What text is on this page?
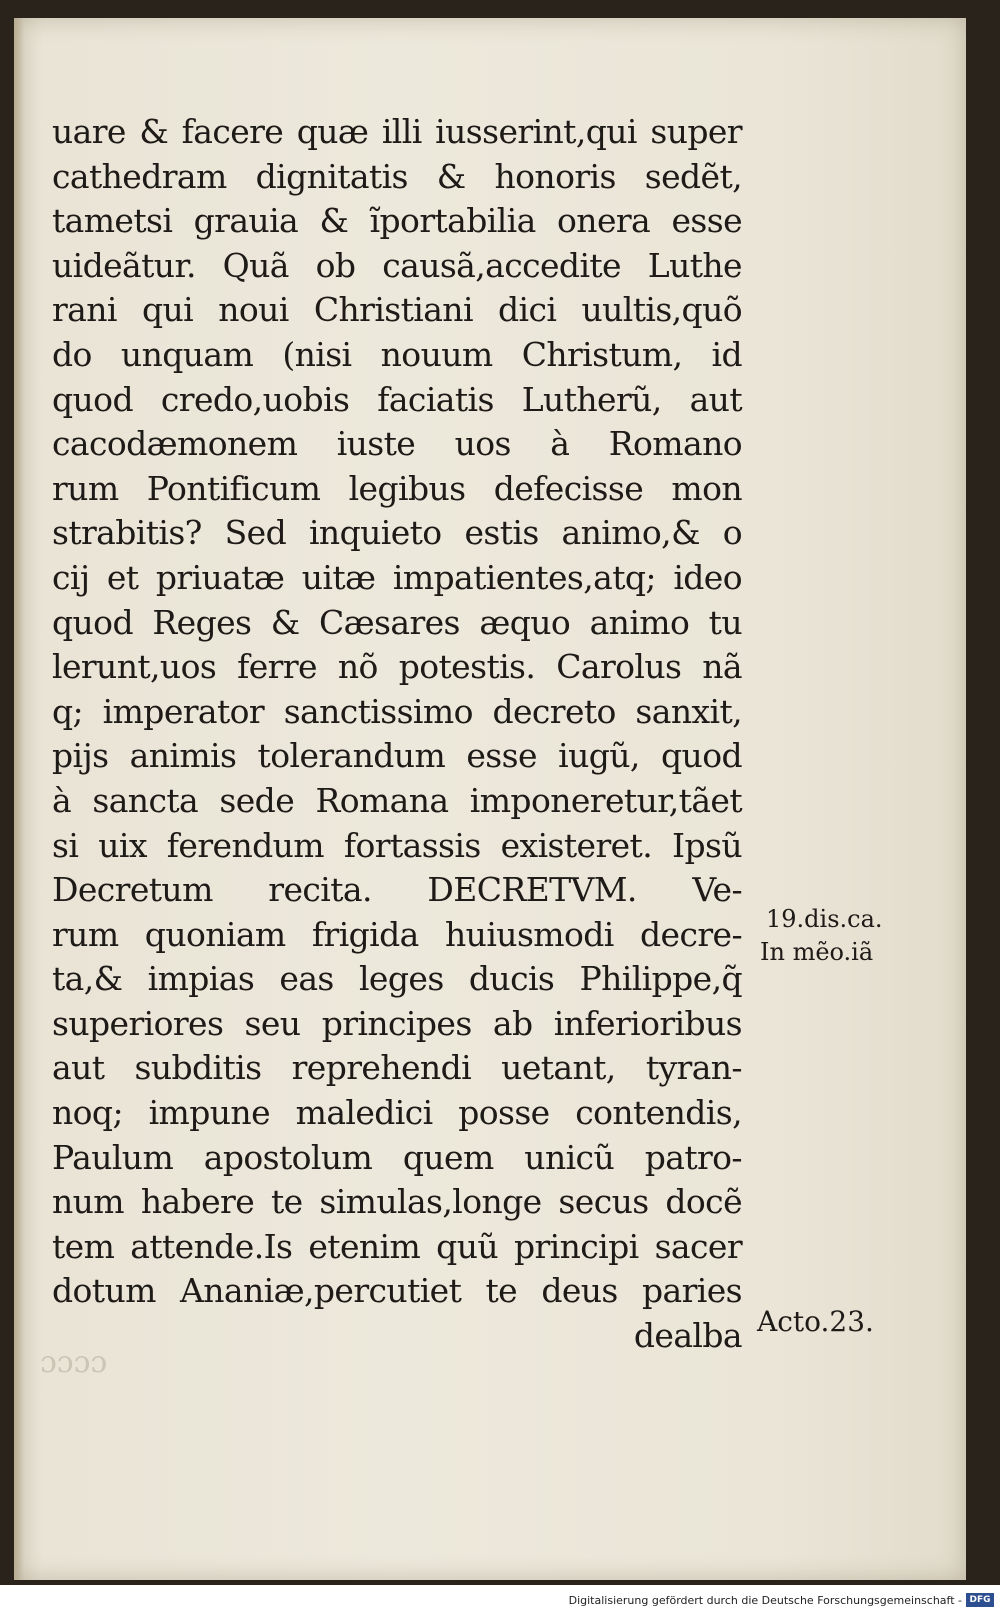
ɔɔɔɔ
uare & facere quæ illi iusserint,qui super
cathedram dignitatis & honoris sedẽt,
tametsi grauia & ĩportabilia onera esse
uideãtur. Quã ob causã,accedite Luthe
rani qui noui Christiani dici uultis,quõ
do unquam (nisi nouum Christum, id
quod credo,uobis faciatis Lutherũ, aut
cacodæmonem iuste uos à Romano
rum Pontificum legibus defecisse mon
strabitis? Sed inquieto estis animo,& o
cij et priuatæ uitæ impatientes,atq; ideo
quod Reges & Cæsares æquo animo tu
lerunt,uos ferre nõ potestis. Carolus nã
q; imperator sanctissimo decreto sanxit,
pijs animis tolerandum esse iugũ, quod
à sancta sede Romana imponeretur,tãet
si uix ferendum fortassis existeret. Ipsũ
Decretum recita. DECRETVM. Ve-
rum quoniam frigida huiusmodi decre-
ta,& impias eas leges ducis Philippe,q̃
superiores seu principes ab inferioribus
aut subditis reprehendi uetant, tyran-
noq; impune maledici posse contendis,
Paulum apostolum quem unicũ patro-
num habere te simulas,longe secus docẽ
tem attende.Is etenim quũ principi sacer
dotum Ananiæ,percutiet te deus paries
dealba
19.dis.ca.
In mẽo.iã
Acto.23.
Digitalisierung gefördert durch die Deutsche Forschungsgemeinschaft - DFG
